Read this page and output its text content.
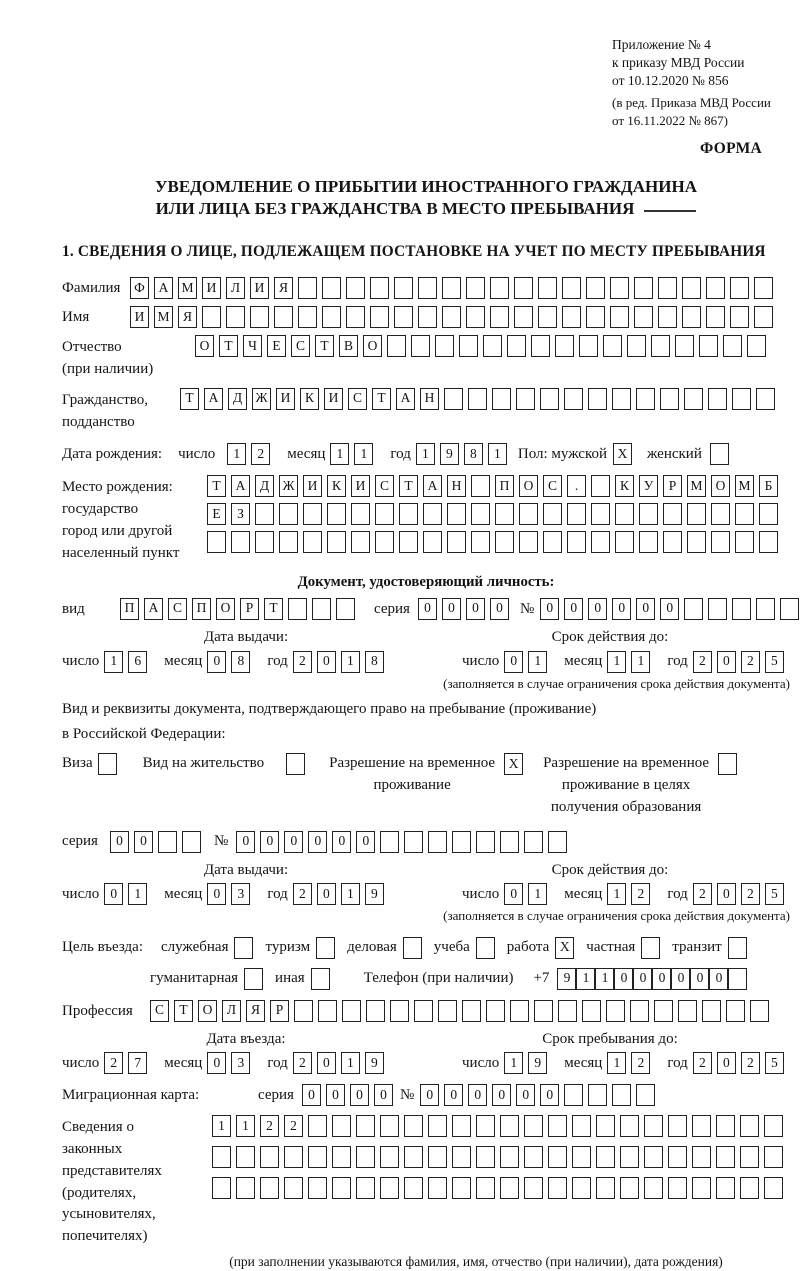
Приложение № 4
к приказу МВД России
от 10.12.2020 № 856
(в ред. Приказа МВД России
от 16.11.2022 № 867)
ФОРМА
УВЕДОМЛЕНИЕ О ПРИБЫТИИ ИНОСТРАННОГО ГРАЖДАНИНА
ИЛИ ЛИЦА БЕЗ ГРАЖДАНСТВА В МЕСТО ПРЕБЫВАНИЯ
1. СВЕДЕНИЯ О ЛИЦЕ, ПОДЛЕЖАЩЕМ ПОСТАНОВКЕ НА УЧЕТ ПО МЕСТУ ПРЕБЫВАНИЯ
Фамилия	Ф	А М И	Л	И	Я
Имя	И М Я
Отчество
(при наличии)
О	Т	Ч	Е	С	Т	В	О
Гражданство,
подданство
Т	А	Д Ж И	К	И	С	Т	А	Н
Дата рождения: число	1	2	месяц 1	1	год 1	9	8	1	Пол: мужской X	женский
Место рождения:
государство
город или другой
населенный пункт
Т	А	Д Ж И	К	И	С	Т	А	Н	П	О	С	.	К	У	Р	М О М	Б
Е	З
Документ, удостоверяющий личность:
вид	П	А	С	П	О	Р	Т	серия	0	0	0	0	№ 0	0	0	0	0	0
Дата выдачи:
число 1	6	месяц 0	8	год 2	0	1	8
Срок действия до:
число 0	1	месяц 1	1	год 2	0	2	5
(заполняется в случае ограничения срока действия документа)
Вид и реквизиты документа, подтверждающего право на пребывание (проживание)
в Российской Федерации:
Виза	Вид на жительство	Разрешение на временное
проживание
X	Разрешение на временное
проживание в целях
получения образования
серия	0	0	№	0	0	0	0	0	0
Дата выдачи:
число 0	1	месяц 0	3	год 2	0	1	9
Срок действия до:
число 0	1	месяц 1	2	год 2	0	2	5
(заполняется в случае ограничения срока действия документа)
Цель въезда: служебная туризм деловая учеба работа X	частная транзит
гуманитарная иная	Телефон (при наличии) +7	9 1 1 0 0 0 0 0 0
Профессия	С	Т	О	Л	Я	Р
Дата въезда:
число 2	7	месяц 0	3	год 2	0	1	9
Срок пребывания до:
число 1	9	месяц 1	2	год 2	0	2	5
Миграционная карта:	серия	0	0	0	0 № 0	0	0	0	0	0
Сведения о
законных
представителях
(родителях,
усыновителях,
попечителях)
1	1	2	2
(при заполнении указываются фамилия, имя, отчество (при наличии), дата рождения)
